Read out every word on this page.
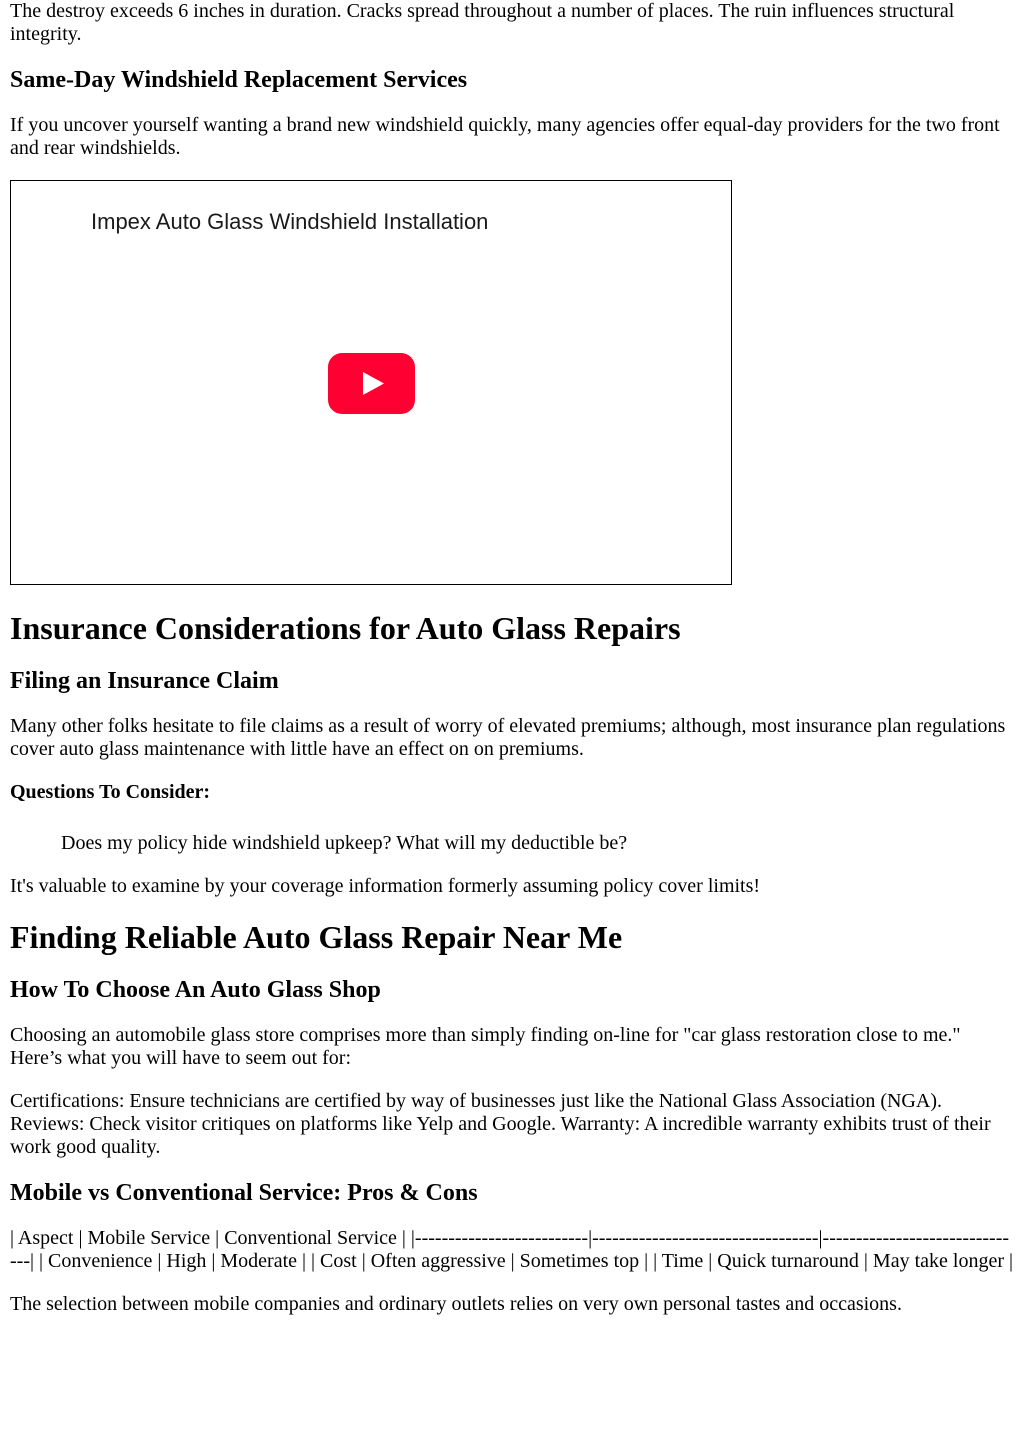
The destroy exceeds 6 inches in duration. Cracks spread throughout a number of places. The ruin influences structural integrity.

Same-Day Windshield Replacement Services

If you uncover yourself wanting a brand new windshield quickly, many agencies offer equal-day providers for the two front and rear windshields.

Impex Auto Glass Windshield Installation
Insurance Considerations for Auto Glass Repairs
Filing an Insurance Claim

Many other folks hesitate to file claims as a result of worry of elevated premiums; although, most insurance plan regulations cover auto glass maintenance with little have an effect on on premiums.

Questions To Consider:
Does my policy hide windshield upkeep? What will my deductible be?

It's valuable to examine by your coverage information formerly assuming policy cover limits!

Finding Reliable Auto Glass Repair Near Me
How To Choose An Auto Glass Shop

Choosing an automobile glass store comprises more than simply finding on-line for "car glass restoration close to me." Here’s what you will have to seem out for:

Certifications: Ensure technicians are certified by way of businesses just like the National Glass Association (NGA). Reviews: Check visitor critiques on platforms like Yelp and Google. Warranty: A incredible warranty exhibits trust of their work good quality.

Mobile vs Conventional Service: Pros & Cons

| Aspect | Mobile Service | Conventional Service | |--------------------------|----------------------------------|-------------------------------| | Convenience | High | Moderate | | Cost | Often aggressive | Sometimes top | | Time | Quick turnaround | May take longer |

The selection between mobile companies and ordinary outlets relies on very own personal tastes and occasions.
